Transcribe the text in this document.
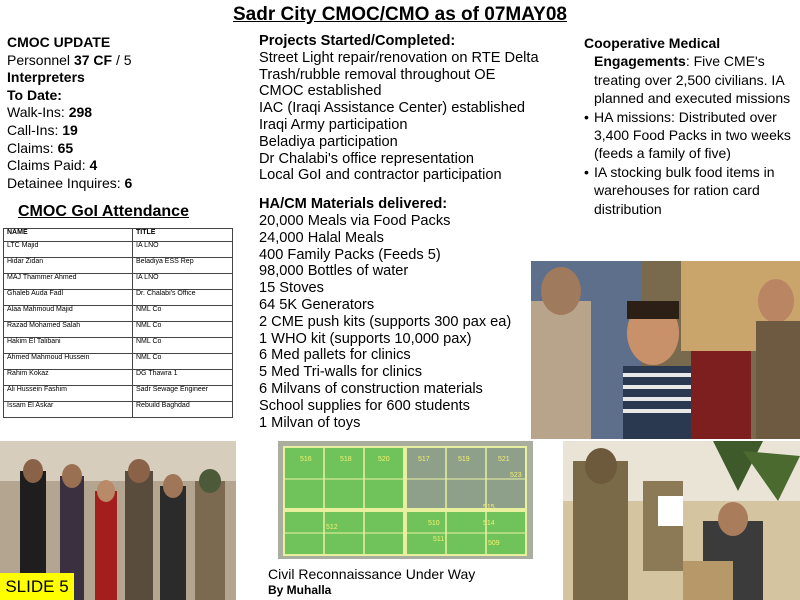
Sadr City CMOC/CMO as of 07MAY08
CMOC UPDATE
Personnel 37 CF / 5
Interpreters
To Date:
Walk-Ins: 298
Call-Ins: 19
Claims: 65
Claims Paid: 4
Detainee Inquires: 6
CMOC GoI Attendance
NAME	TITLE
LTC Majid	IA LNO
Hidar Zidan	Beladiya ESS Rep
MAJ Thammer Ahmed	IA LNO
Ghaleb Auda Fadl	Dr. Chalabi's Office
Alaa Mahmoud Majid	NML Co
Razad Mohamed Salah	NML Co
Hakim El Talibani	NML Co
Ahmed Mahmoud Hussein	NML Co
Rahim Kokaz	DG Thawra 1
Ali Hussein Fashim	Sadr Sewage Engineer
Issam El Askar	Rebuild Baghdad
Projects Started/Completed:
Street Light repair/renovation on RTE Delta
Trash/rubble removal throughout OE
CMOC established
IAC (Iraqi Assistance Center) established
Iraqi Army participation
Beladiya participation
Dr Chalabi's office representation
Local GoI and contractor participation
HA/CM Materials delivered:
20,000 Meals via Food Packs
24,000 Halal Meals
400 Family Packs (Feeds 5)
98,000 Bottles of water
15 Stoves
64 5K Generators
2 CME push kits (supports 300 pax ea)
1 WHO kit (supports 10,000 pax)
6 Med pallets for clinics
5 Med Tri-walls for clinics
6 Milvans of construction materials
School supplies for 600 students
1 Milvan of toys
Cooperative Medical
Engagements: Five CME's treating over 2,500 civilians. IA planned and executed missions
• HA missions: Distributed over 3,400 Food Packs in two weeks (feeds a family of five)
• IA stocking bulk food items in warehouses for ration card distribution
516	518	520	517	519	521
523
512
510
515
514
511
509
SLIDE 5
Civil Reconnaissance Under Way
By Muhalla
